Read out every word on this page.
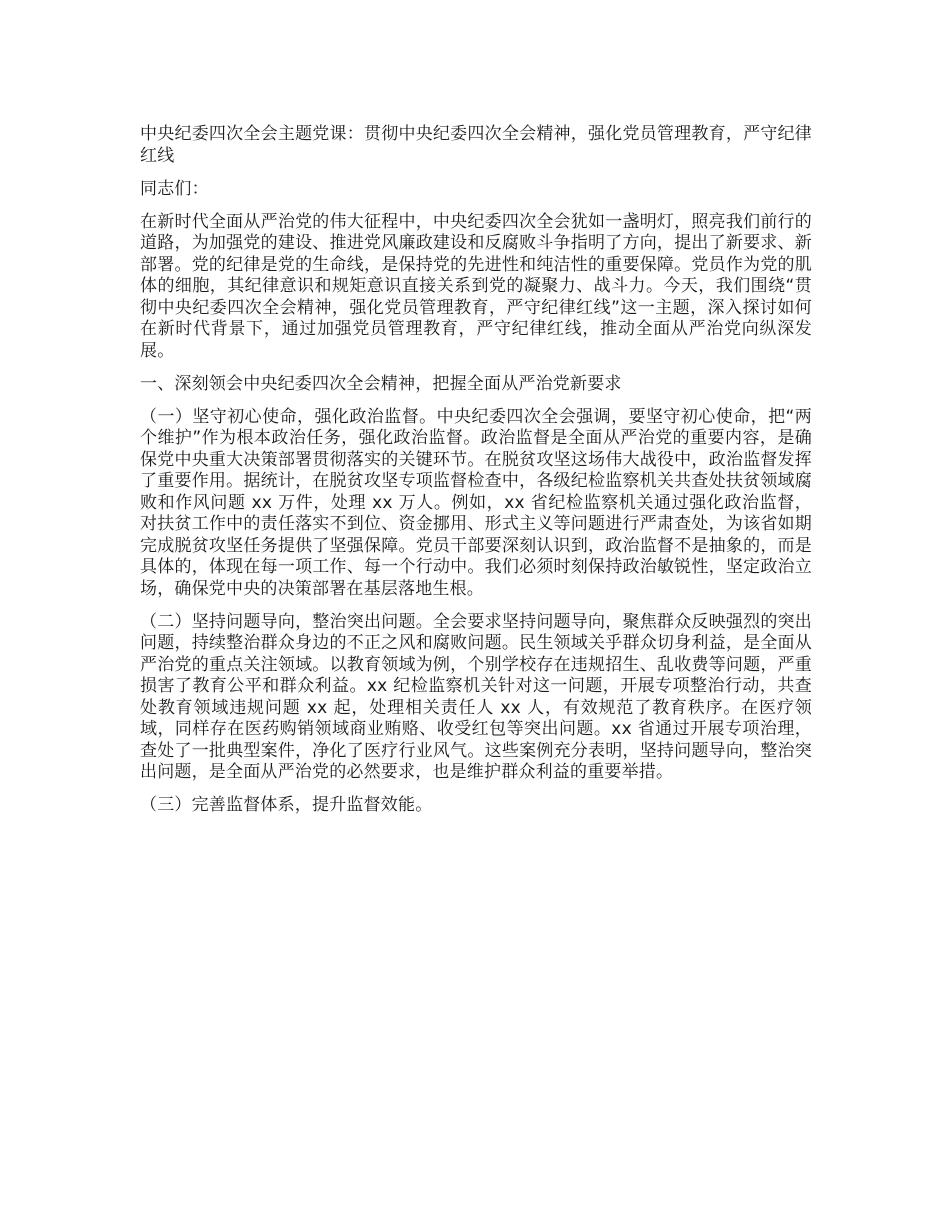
中央纪委四次全会主题党课：贯彻中央纪委四次全会精神，强化党员管理教育，严守纪律红线

同志们：

在新时代全面从严治党的伟大征程中，中央纪委四次全会犹如一盏明灯，照亮我们前行的道路，为加强党的建设、推进党风廉政建设和反腐败斗争指明了方向，提出了新要求、新部署。党的纪律是党的生命线，是保持党的先进性和纯洁性的重要保障。党员作为党的肌体的细胞，其纪律意识和规矩意识直接关系到党的凝聚力、战斗力。今天，我们围绕“贯彻中央纪委四次全会精神，强化党员管理教育，严守纪律红线”这一主题，深入探讨如何在新时代背景下，通过加强党员管理教育，严守纪律红线，推动全面从严治党向纵深发展。

一、深刻领会中央纪委四次全会精神，把握全面从严治党新要求

（一）坚守初心使命，强化政治监督。中央纪委四次全会强调，要坚守初心使命，把“两个维护”作为根本政治任务，强化政治监督。政治监督是全面从严治党的重要内容，是确保党中央重大决策部署贯彻落实的关键环节。在脱贫攻坚这场伟大战役中，政治监督发挥了重要作用。据统计，在脱贫攻坚专项监督检查中，各级纪检监察机关共查处扶贫领域腐败和作风问题 xx 万件，处理 xx 万人。例如，xx 省纪检监察机关通过强化政治监督，对扶贫工作中的责任落实不到位、资金挪用、形式主义等问题进行严肃查处，为该省如期完成脱贫攻坚任务提供了坚强保障。党员干部要深刻认识到，政治监督不是抽象的，而是具体的，体现在每一项工作、每一个行动中。我们必须时刻保持政治敏锐性，坚定政治立场，确保党中央的决策部署在基层落地生根。

（二）坚持问题导向，整治突出问题。全会要求坚持问题导向，聚焦群众反映强烈的突出问题，持续整治群众身边的不正之风和腐败问题。民生领域关乎群众切身利益，是全面从严治党的重点关注领域。以教育领域为例，个别学校存在违规招生、乱收费等问题，严重损害了教育公平和群众利益。xx 纪检监察机关针对这一问题，开展专项整治行动，共查处教育领域违规问题 xx 起，处理相关责任人 xx 人，有效规范了教育秩序。在医疗领域，同样存在医药购销领域商业贿赂、收受红包等突出问题。xx 省通过开展专项治理，查处了一批典型案件，净化了医疗行业风气。这些案例充分表明，坚持问题导向，整治突出问题，是全面从严治党的必然要求，也是维护群众利益的重要举措。

（三）完善监督体系，提升监督效能。
